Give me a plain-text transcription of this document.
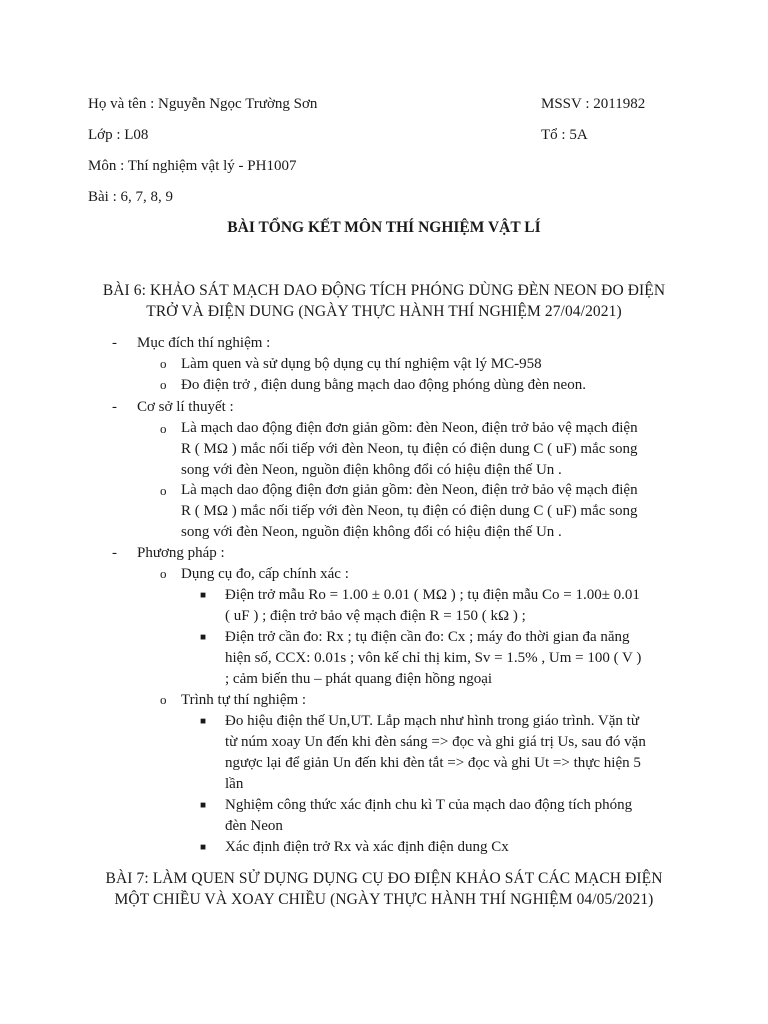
Họ và tên : Nguyễn Ngọc Trường Sơn	MSSV : 2011982
Lớp : L08	Tổ : 5A
Môn : Thí nghiệm vật lý - PH1007
Bài : 6, 7, 8, 9
BÀI TỔNG KẾT MÔN THÍ NGHIỆM VẬT LÍ
BÀI 6: KHẢO SÁT MẠCH DAO ĐỘNG TÍCH PHÓNG DÙNG ĐÈN NEON ĐO ĐIỆN
TRỞ VÀ ĐIỆN DUNG (NGÀY THỰC HÀNH THÍ NGHIỆM 27/04/2021)
- Mục đích thí nghiệm :
o Làm quen và sử dụng bộ dụng cụ thí nghiệm vật lý MC-958
o Đo điện trở , điện dung bằng mạch dao động phóng dùng đèn neon.
- Cơ sở lí thuyết :
o Là mạch dao động điện đơn giản gồm: đèn Neon, điện trở bảo vệ mạch điện
R ( MΩ ) mắc nối tiếp với đèn Neon, tụ điện có điện dung C ( uF) mắc song
song với đèn Neon, nguồn điện không đổi có hiệu điện thế Un .
o Là mạch dao động điện đơn giản gồm: đèn Neon, điện trở bảo vệ mạch điện
R ( MΩ ) mắc nối tiếp với đèn Neon, tụ điện có điện dung C ( uF) mắc song
song với đèn Neon, nguồn điện không đổi có hiệu điện thế Un .
- Phương pháp :
o Dụng cụ đo, cấp chính xác :
■ Điện trở mẫu Ro = 1.00 ± 0.01 ( MΩ ) ; tụ điện mẫu Co = 1.00± 0.01
( uF ) ; điện trở bảo vệ mạch điện R = 150 ( kΩ ) ;
■ Điện trở cần đo: Rx ; tụ điện cần đo: Cx ; máy đo thời gian đa năng
hiện số, CCX: 0.01s ; vôn kế chỉ thị kim, Sv = 1.5% , Um = 100 ( V )
; cảm biến thu – phát quang điện hồng ngoại
o Trình tự thí nghiệm :
■ Đo hiệu điện thế Un,UT. Lắp mạch như hình trong giáo trình. Vặn từ
từ núm xoay Un đến khi đèn sáng => đọc và ghi giá trị Us, sau đó vặn
ngược lại để giản Un đến khi đèn tắt => đọc và ghi Ut => thực hiện 5
lần
■ Nghiệm công thức xác định chu kì T của mạch dao động tích phóng
đèn Neon
■ Xác định điện trở Rx và xác định điện dung Cx
BÀI 7: LÀM QUEN SỬ DỤNG DỤNG CỤ ĐO ĐIỆN KHẢO SÁT CÁC MẠCH ĐIỆN
MỘT CHIỀU VÀ XOAY CHIỀU (NGÀY THỰC HÀNH THÍ NGHIỆM 04/05/2021)
